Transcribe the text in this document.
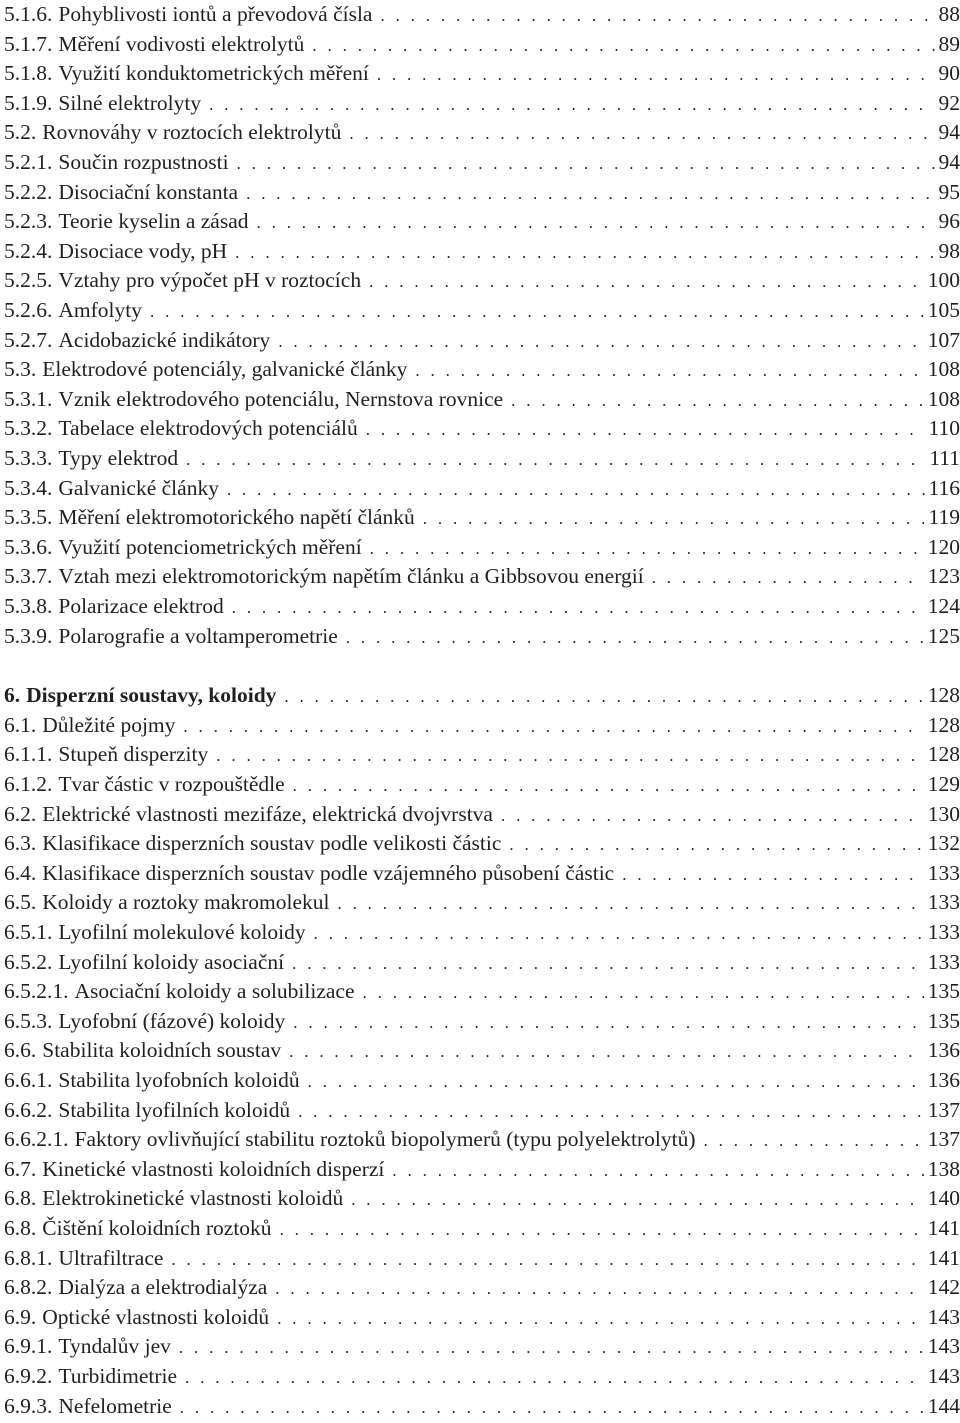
5.1.6. Pohyblivosti iontů a převodová čísla . . .	88
5.1.7. Měření vodivosti elektrolytů . . .	89
5.1.8. Využití konduktometrických měření . . .	90
5.1.9. Silné elektrolyty . . .	92
5.2. Rovnováhy v roztocích elektrolytů . . .	94
5.2.1. Součin rozpustnosti . . .	94
5.2.2. Disociační konstanta . . .	95
5.2.3. Teorie kyselin a zásad . . .	96
5.2.4. Disociace vody, pH . . .	98
5.2.5. Vztahy pro výpočet pH v roztocích . . .	100
5.2.6. Amfolyty . . .	105
5.2.7. Acidobazické indikátory . . .	107
5.3. Elektrodové potenciály, galvanické články . . .	108
5.3.1. Vznik elektrodového potenciálu, Nernstova rovnice . . .	108
5.3.2. Tabelace elektrodových potenciálů . . .	110
5.3.3. Typy elektrod . . .	111
5.3.4. Galvanické články . . .	116
5.3.5. Měření elektromotorického napětí článků . . .	119
5.3.6. Využití potenciometrických měření . . .	120
5.3.7. Vztah mezi elektromotorickým napětím článku a Gibbsovou energií . . .	123
5.3.8. Polarizace elektrod . . .	124
5.3.9. Polarografie a voltamperometrie . . .	125
6. Disperzní soustavy, koloidy . . .	128
6.1. Důležité pojmy . . .	128
6.1.1. Stupeň disperzity . . .	128
6.1.2. Tvar částic v rozpouštědle . . .	129
6.2. Elektrické vlastnosti mezifáze, elektrická dvojvrstva . . .	130
6.3. Klasifikace disperzních soustav podle velikosti částic . . .	132
6.4. Klasifikace disperzních soustav podle vzájemného působení částic . . .	133
6.5. Koloidy a roztoky makromolekul . . .	133
6.5.1. Lyofilní molekulové koloidy . . .	133
6.5.2. Lyofilní koloidy asociační . . .	133
6.5.2.1. Asociační koloidy a solubilizace . . .	135
6.5.3. Lyofobní (fázové) koloidy . . .	135
6.6. Stabilita koloidních soustav . . .	136
6.6.1. Stabilita lyofobních koloidů . . .	136
6.6.2. Stabilita lyofilních koloidů . . .	137
6.6.2.1. Faktory ovlivňující stabilitu roztoků biopolymerů (typu polyelektrolytů) . . .	137
6.7. Kinetické vlastnosti koloidních disperzí . . .	138
6.8. Elektrokinetické vlastnosti koloidů . . .	140
6.8. Čištění koloidních roztoků . . .	141
6.8.1. Ultrafiltrace . . .	141
6.8.2. Dialýza a elektrodialýza . . .	142
6.9. Optické vlastnosti koloidů . . .	143
6.9.1. Tyndalův jev . . .	143
6.9.2. Turbidimetrie . . .	143
6.9.3. Nefelometrie . . .	144
